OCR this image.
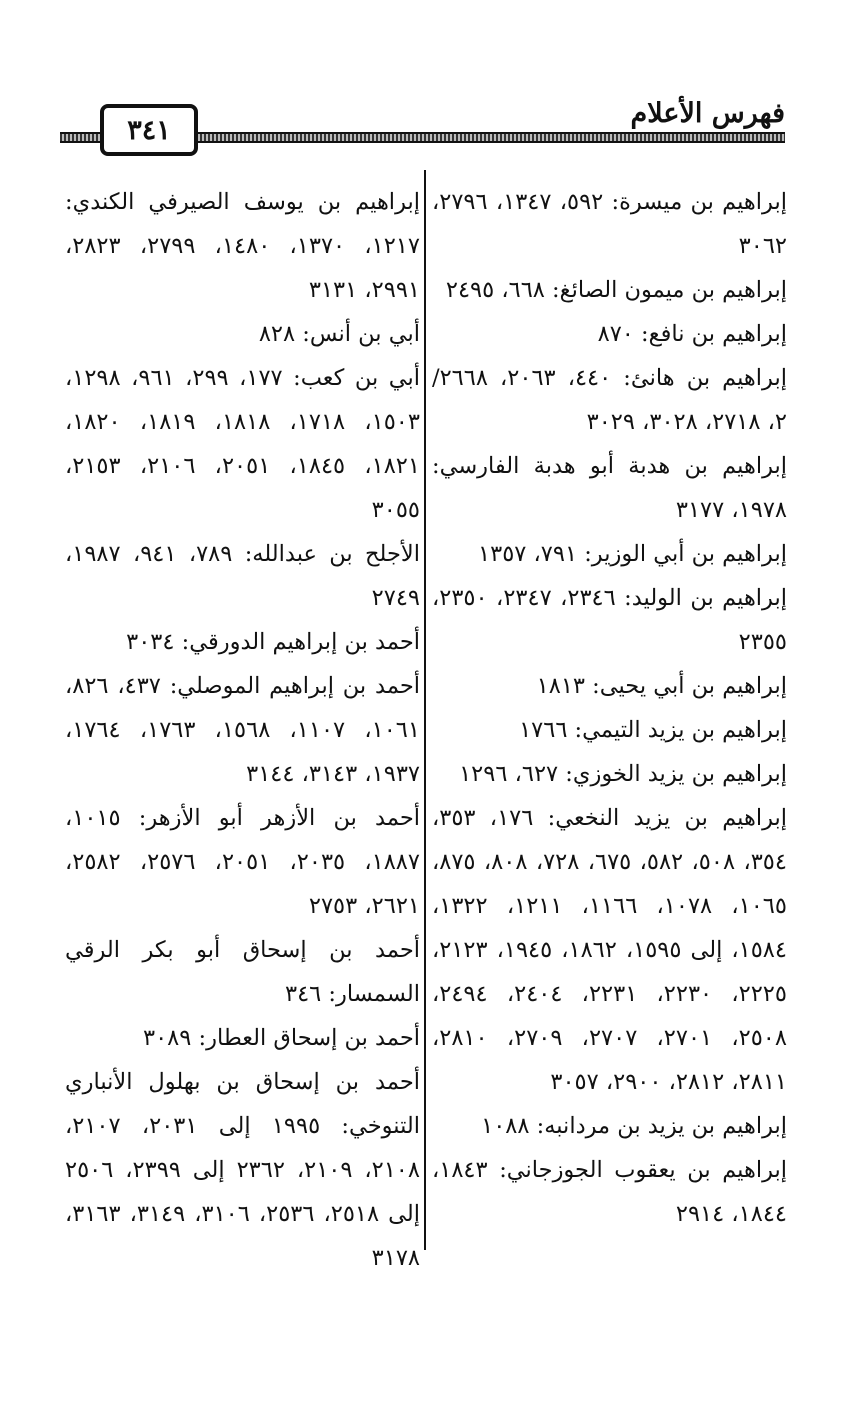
٣٤١
فهرس الأعلام
إبراهيم بن ميسرة: ٥٩٢، ١٣٤٧، ٢٧٩٦، ٣٠٦٢
إبراهيم بن ميمون الصائغ: ٦٦٨، ٢٤٩٥
إبراهيم بن نافع: ٨٧٠
إبراهيم بن هانئ: ٤٤٠، ٢٠٦٣، ٢٦٦٨/ ٢، ٢٧١٨، ٣٠٢٨، ٣٠٢٩
إبراهيم بن هدبة أبو هدبة الفارسي: ١٩٧٨، ٣١٧٧
إبراهيم بن أبي الوزير: ٧٩١، ١٣٥٧
إبراهيم بن الوليد: ٢٣٤٦، ٢٣٤٧، ٢٣٥٠، ٢٣٥٥
إبراهيم بن أبي يحيى: ١٨١٣
إبراهيم بن يزيد التيمي: ١٧٦٦
إبراهيم بن يزيد الخوزي: ٦٢٧، ١٢٩٦
إبراهيم بن يزيد النخعي: ١٧٦، ٣٥٣، ٣٥٤، ٥٠٨، ٥٨٢، ٦٧٥، ٧٢٨، ٨٠٨، ٨٧٥، ١٠٦٥، ١٠٧٨، ١١٦٦، ١٢١١، ١٣٢٢، ١٥٨٤، إلى ١٥٩٥، ١٨٦٢، ١٩٤٥، ٢١٢٣، ٢٢٢٥، ٢٢٣٠، ٢٢٣١، ٢٤٠٤، ٢٤٩٤، ٢٥٠٨، ٢٧٠١، ٢٧٠٧، ٢٧٠٩، ٢٨١٠، ٢٨١١، ٢٨١٢، ٢٩٠٠، ٣٠٥٧
إبراهيم بن يزيد بن مردانبه: ١٠٨٨
إبراهيم بن يعقوب الجوزجاني: ١٨٤٣، ١٨٤٤، ٢٩١٤
إبراهيم بن يوسف الصيرفي الكندي: ١٢١٧، ١٣٧٠، ١٤٨٠، ٢٧٩٩، ٢٨٢٣، ٢٩٩١، ٣١٣١
أبي بن أنس: ٨٢٨
أبي بن كعب: ١٧٧، ٢٩٩، ٩٦١، ١٢٩٨، ١٥٠٣، ١٧١٨، ١٨١٨، ١٨١٩، ١٨٢٠، ١٨٢١، ١٨٤٥، ٢٠٥١، ٢١٠٦، ٢١٥٣، ٣٠٥٥
الأجلح بن عبدالله: ٧٨٩، ٩٤١، ١٩٨٧، ٢٧٤٩
أحمد بن إبراهيم الدورقي: ٣٠٣٤
أحمد بن إبراهيم الموصلي: ٤٣٧، ٨٢٦، ١٠٦١، ١١٠٧، ١٥٦٨، ١٧٦٣، ١٧٦٤، ١٩٣٧، ٣١٤٣، ٣١٤٤
أحمد بن الأزهر أبو الأزهر: ١٠١٥، ١٨٨٧، ٢٠٣٥، ٢٠٥١، ٢٥٧٦، ٢٥٨٢، ٢٦٢١، ٢٧٥٣
أحمد بن إسحاق أبو بكر الرقي السمسار: ٣٤٦
أحمد بن إسحاق العطار: ٣٠٨٩
أحمد بن إسحاق بن بهلول الأنباري التنوخي: ١٩٩٥ إلى ٢٠٣١، ٢١٠٧، ٢١٠٨، ٢١٠٩، ٢٣٦٢ إلى ٢٣٩٩، ٢٥٠٦ إلى ٢٥١٨، ٢٥٣٦، ٣١٠٦، ٣١٤٩، ٣١٦٣، ٣١٧٨
